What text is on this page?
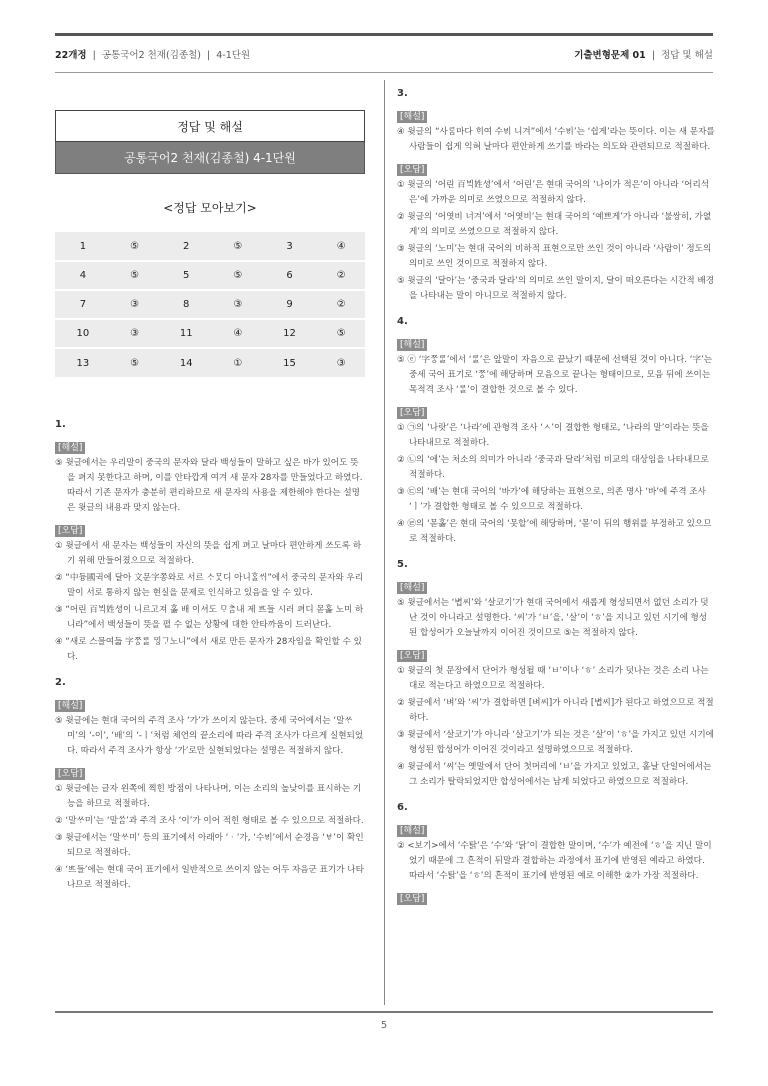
22개정  |  공통국어2 천재(김종철)  |  4-1단원	기출변형문제 01  |  정답 및 해설
정답 및 해설
공통국어2 천재(김종철) 4-1단원
<정답 모아보기>
1	⑤	2	⑤	3	④
4	⑤	5	⑤	6	②
7	③	8	③	9	②
10	③	11	④	12	⑤
13	⑤	14	①	15	③
1.
[해설]
⑤ 윗글에서는 우리말이 중국의 문자와 달라 백성들이 말하고 싶은 바가 있어도 뜻을 펴지 못한다고 하며, 이를 안타깝게 여겨 새 문자 28자를 만들었다고 하였다. 따라서 기존 문자가 충분히 편리하므로 새 문자의 사용을 제한해야 한다는 설명은 윗글의 내용과 맞지 않는다.
[오답]
① 윗글에서 새 문자는 백성들이 자신의 뜻을 쉽게 펴고 날마다 편안하게 쓰도록 하기 위해 만들어졌으므로 적절하다.
② “中듕國귁에 달아 文문字쫑와로 서르 ᄉᆞᄆᆞᆺ디 아니ᄒᆞᆯᄊᆡ”에서 중국의 문자와 우리말이 서로 통하지 않는 현실을 문제로 인식하고 있음을 알 수 있다.
③ “어린 百ᄇᆡᆨ姓셩이 니르고져 홇 배 이셔도 ᄆᆞᄎᆞᆷ내 제 ᄠᅳ들 시러 펴디 몯홇 노미 하니라”에서 백성들이 뜻을 펼 수 없는 상황에 대한 안타까움이 드러난다.
④ “새로 스믈여듧 字ᄍᆞᆼᄅᆞᆯ ᄆᆡᇰᄀᆞ노니”에서 새로 만든 문자가 28자임을 확인할 수 있다.
2.
[해설]
⑤ 윗글에는 현대 국어의 주격 조사 ‘가’가 쓰이지 않는다. 중세 국어에서는 ‘말ᄊᆞ미’의 ‘-이’, ‘배’의 ‘-ㅣ’처럼 체언의 끝소리에 따라 주격 조사가 다르게 실현되었다. 따라서 주격 조사가 항상 ‘가’로만 실현되었다는 설명은 적절하지 않다.
[오답]
① 윗글에는 글자 왼쪽에 찍힌 방점이 나타나며, 이는 소리의 높낮이를 표시하는 기능을 하므로 적절하다.
② ‘말ᄊᆞ미’는 ‘말ᄊᆞᆷ’과 주격 조사 ‘이’가 이어 적힌 형태로 볼 수 있으므로 적절하다.
③ 윗글에서는 ‘말ᄊᆞ미’ 등의 표기에서 아래아 ‘ᆞ’가, ‘수ᄫᅵ’에서 순경음 ‘ㅸ’이 확인되므로 적절하다.
④ ‘ᄠᅳ들’에는 현대 국어 표기에서 일반적으로 쓰이지 않는 어두 자음군 표기가 나타나므로 적절하다.
3.
[해설]
④ 윗글의 “사ᄅᆞᆷ마다 ᄒᆡ여 수ᄫᅵ 니겨”에서 ‘수ᄫᅵ’는 ‘쉽게’라는 뜻이다. 이는 새 문자를 사람들이 쉽게 익혀 날마다 편안하게 쓰기를 바라는 의도와 관련되므로 적절하다.
[오답]
① 윗글의 ‘어린 百ᄇᆡᆨ姓셩’에서 ‘어린’은 현대 국어의 ‘나이가 적은’이 아니라 ‘어리석은’에 가까운 의미로 쓰였으므로 적절하지 않다.
② 윗글의 ‘어엿비 너겨’에서 ‘어엿비’는 현대 국어의 ‘예쁘게’가 아니라 ‘불쌍히, 가엾게’의 의미로 쓰였으므로 적절하지 않다.
③ 윗글의 ‘노미’는 현대 국어의 비하적 표현으로만 쓰인 것이 아니라 ‘사람이’ 정도의 의미로 쓰인 것이므로 적절하지 않다.
⑤ 윗글의 ‘달아’는 ‘중국과 달라’의 의미로 쓰인 말이지, 달이 떠오른다는 시간적 배경을 나타내는 말이 아니므로 적절하지 않다.
4.
[해설]
⑤ ⓔ ‘字ᄍᆞᆼᄅᆞᆯ’에서 ‘ᄅᆞᆯ’은 앞말이 자음으로 끝났기 때문에 선택된 것이 아니다. ‘字’는 중세 국어 표기로 ‘ᄍᆞᆼ’에 해당하며 모음으로 끝나는 형태이므로, 모음 뒤에 쓰이는 목적격 조사 ‘ᄅᆞᆯ’이 결합한 것으로 볼 수 있다.
[오답]
① ㉠의 ‘나랏’은 ‘나라’에 관형격 조사 ‘ㅅ’이 결합한 형태로, ‘나라의 말’이라는 뜻을 나타내므로 적절하다.
② ㉡의 ‘에’는 처소의 의미가 아니라 ‘중국과 달라’처럼 비교의 대상임을 나타내므로 적절하다.
③ ㉢의 ‘배’는 현대 국어의 ‘바가’에 해당하는 표현으로, 의존 명사 ‘바’에 주격 조사 ‘ㅣ’가 결합한 형태로 볼 수 있으므로 적절하다.
④ ㉣의 ‘몯홇’은 현대 국어의 ‘못할’에 해당하며, ‘몯’이 뒤의 행위를 부정하고 있으므로 적절하다.
5.
[해설]
⑤ 윗글에서는 ‘볍씨’와 ‘살코기’가 현대 국어에서 새롭게 형성되면서 없던 소리가 덧난 것이 아니라고 설명한다. ‘씨’가 ‘ㅂ’을, ‘살’이 ‘ㅎ’을 지니고 있던 시기에 형성된 합성어가 오늘날까지 이어진 것이므로 ⑤는 적절하지 않다.
[오답]
① 윗글의 첫 문장에서 단어가 형성될 때 ‘ㅂ’이나 ‘ㅎ’ 소리가 덧나는 것은 소리 나는 대로 적는다고 하였으므로 적절하다.
② 윗글에서 ‘벼’와 ‘씨’가 결합하면 [벼씨]가 아니라 [볍씨]가 된다고 하였으므로 적절하다.
③ 윗글에서 ‘살코기’가 아니라 ‘살고기’가 되는 것은 ‘살’이 ‘ㅎ’을 가지고 있던 시기에 형성된 합성어가 이어진 것이라고 설명하였으므로 적절하다.
④ 윗글에서 ‘씨’는 옛말에서 단어 첫머리에 ‘ㅂ’을 가지고 있었고, 홑날 단일어에서는 그 소리가 탈락되었지만 합성어에서는 남게 되었다고 하였으므로 적절하다.
6.
[해설]
② <보기>에서 ‘수탉’은 ‘수’와 ‘닭’이 결합한 말이며, ‘수’가 예전에 ‘ㅎ’을 지닌 말이었기 때문에 그 흔적이 뒤말과 결합하는 과정에서 표기에 반영된 예라고 하였다. 따라서 ‘수탉’을 ‘ㅎ’의 흔적이 표기에 반영된 예로 이해한 ②가 가장 적절하다.
[오답]
5
